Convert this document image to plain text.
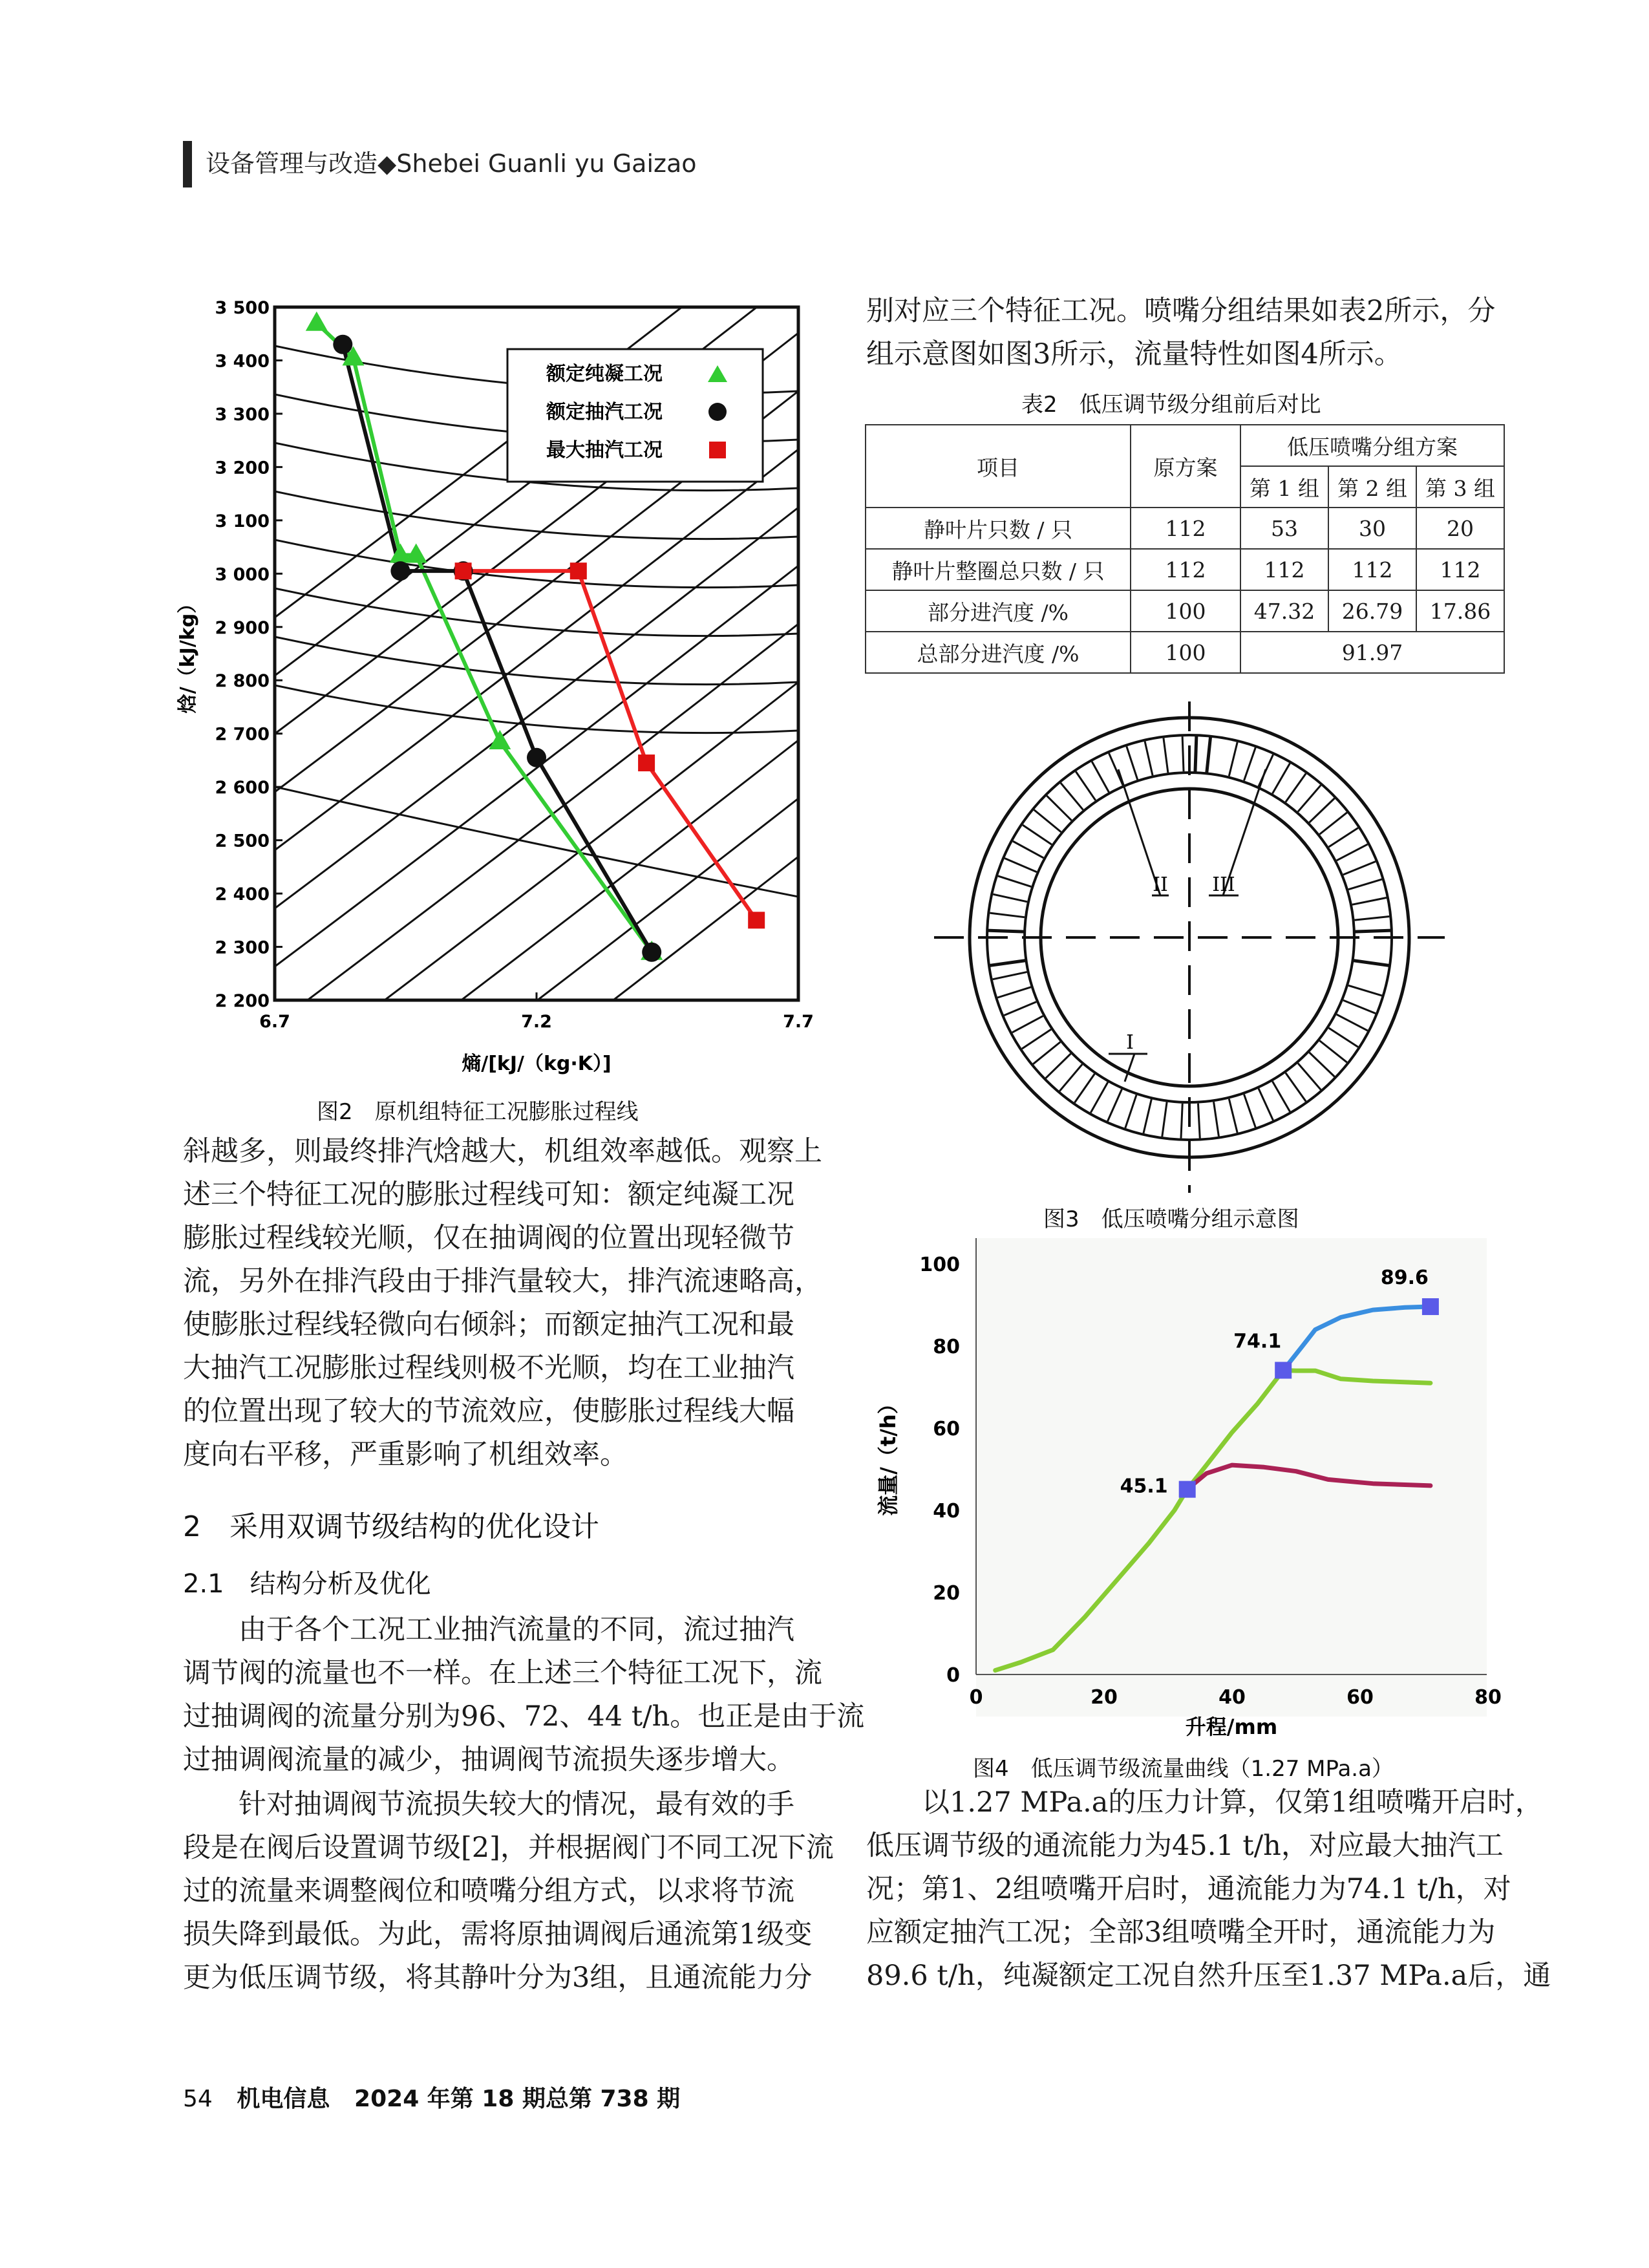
设备管理与改造◆Shebei Guanli yu Gaizao
3 500
3 400
3 300
3 200
3 100
3 000
2 900
2 800
2 700
2 600
2 500
2 400
2 300
2 200
6.7	7.2	7.7
焓/（kJ/kg）
熵/[kJ/（kg·K）]
额定纯凝工况
额定抽汽工况
最大抽汽工况
图2　原机组特征工况膨胀过程线
斜越多，则最终排汽焓越大，机组效率越低。观察上
述三个特征工况的膨胀过程线可知：额定纯凝工况
膨胀过程线较光顺，仅在抽调阀的位置出现轻微节
流，另外在排汽段由于排汽量较大，排汽流速略高，
使膨胀过程线轻微向右倾斜；而额定抽汽工况和最
大抽汽工况膨胀过程线则极不光顺，均在工业抽汽
的位置出现了较大的节流效应，使膨胀过程线大幅
度向右平移，严重影响了机组效率。
2　采用双调节级结构的优化设计
2.1　结构分析及优化
　　由于各个工况工业抽汽流量的不同，流过抽汽
调节阀的流量也不一样。在上述三个特征工况下，流
过抽调阀的流量分别为96、72、44 t/h。也正是由于流
过抽调阀流量的减少，抽调阀节流损失逐步增大。
　　针对抽调阀节流损失较大的情况，最有效的手
段是在阀后设置调节级[2]，并根据阀门不同工况下流
过的流量来调整阀位和喷嘴分组方式，以求将节流
损失降到最低。为此，需将原抽调阀后通流第1级变
更为低压调节级，将其静叶分为3组，且通流能力分
别对应三个特征工况。喷嘴分组结果如表2所示，分
组示意图如图3所示，流量特性如图4所示。
表2　低压调节级分组前后对比
项目	原方案	低压喷嘴分组方案		
		第 1 组	第 2 组	第 3 组
静叶片只数 / 只	112	53	30	20
静叶片整圈总只数 / 只	112	112	112	112
部分进汽度 /%	100	47.32	26.79	17.86
总部分进汽度 /%	100	91.97		
II III
I
图3　低压喷嘴分组示意图
0
20
40
60
80
100
0	20	40	60	80
45.1
74.1
89.6
流量/（t/h）
升程/mm
图4　低压调节级流量曲线（1.27 MPa.a）
　　以1.27 MPa.a的压力计算，仅第1组喷嘴开启时，
低压调节级的通流能力为45.1 t/h，对应最大抽汽工
况；第1、2组喷嘴开启时，通流能力为74.1 t/h，对
应额定抽汽工况；全部3组喷嘴全开时，通流能力为
89.6 t/h，纯凝额定工况自然升压至1.37 MPa.a后，通
54 机电信息 2024 年第 18 期总第 738 期
